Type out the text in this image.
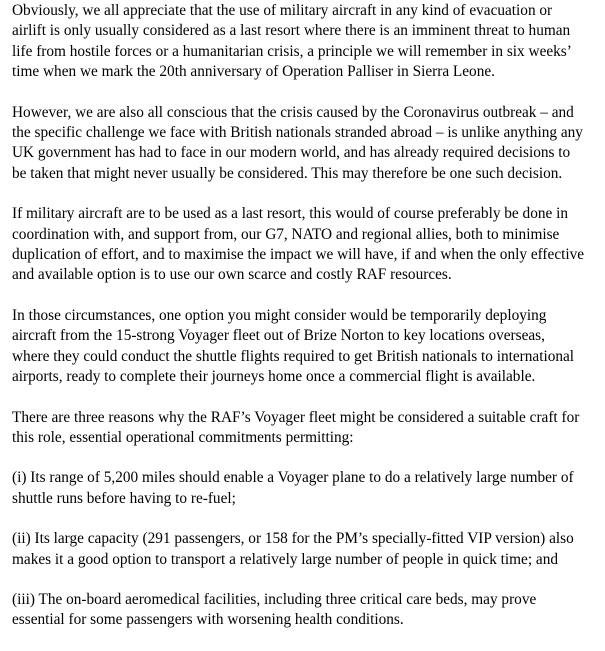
Obviously, we all appreciate that the use of military aircraft in any kind of evacuation or
airlift is only usually considered as a last resort where there is an imminent threat to human
life from hostile forces or a humanitarian crisis, a principle we will remember in six weeks’
time when we mark the 20th anniversary of Operation Palliser in Sierra Leone.

However, we are also all conscious that the crisis caused by the Coronavirus outbreak – and
the specific challenge we face with British nationals stranded abroad – is unlike anything any
UK government has had to face in our modern world, and has already required decisions to
be taken that might never usually be considered. This may therefore be one such decision.

If military aircraft are to be used as a last resort, this would of course preferably be done in
coordination with, and support from, our G7, NATO and regional allies, both to minimise
duplication of effort, and to maximise the impact we will have, if and when the only effective
and available option is to use our own scarce and costly RAF resources.

In those circumstances, one option you might consider would be temporarily deploying
aircraft from the 15-strong Voyager fleet out of Brize Norton to key locations overseas,
where they could conduct the shuttle flights required to get British nationals to international
airports, ready to complete their journeys home once a commercial flight is available.

There are three reasons why the RAF’s Voyager fleet might be considered a suitable craft for
this role, essential operational commitments permitting:

(i) Its range of 5,200 miles should enable a Voyager plane to do a relatively large number of
shuttle runs before having to re-fuel;

(ii) Its large capacity (291 passengers, or 158 for the PM’s specially-fitted VIP version) also
makes it a good option to transport a relatively large number of people in quick time; and

(iii) The on-board aeromedical facilities, including three critical care beds, may prove
essential for some passengers with worsening health conditions.
